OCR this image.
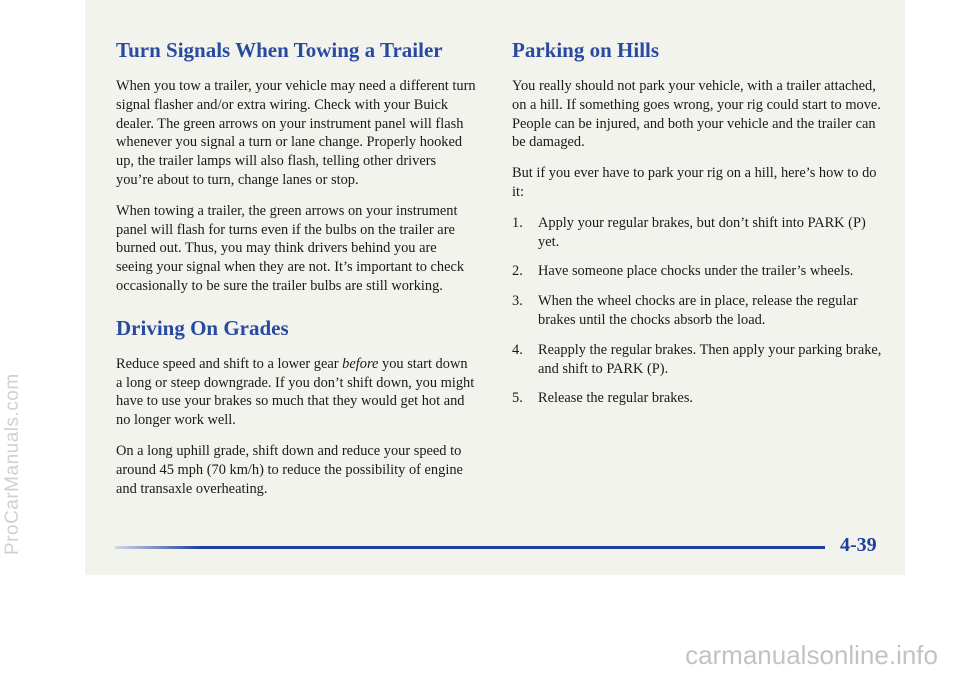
Turn Signals When Towing a Trailer

When you tow a trailer, your vehicle may need a different turn signal flasher and/or extra wiring. Check with your Buick dealer. The green arrows on your instrument panel will flash whenever you signal a turn or lane change. Properly hooked up, the trailer lamps will also flash, telling other drivers you’re about to turn, change lanes or stop.

When towing a trailer, the green arrows on your instrument panel will flash for turns even if the bulbs on the trailer are burned out. Thus, you may think drivers behind you are seeing your signal when they are not. It’s important to check occasionally to be sure the trailer bulbs are still working.

Driving On Grades

Reduce speed and shift to a lower gear before you start down a long or steep downgrade. If you don’t shift down, you might have to use your brakes so much that they would get hot and no longer work well.

On a long uphill grade, shift down and reduce your speed to around 45 mph (70 km/h) to reduce the possibility of engine and transaxle overheating.

Parking on Hills

You really should not park your vehicle, with a trailer attached, on a hill. If something goes wrong, your rig could start to move. People can be injured, and both your vehicle and the trailer can be damaged.

But if you ever have to park your rig on a hill, here’s how to do it:

1. Apply your regular brakes, but don’t shift into PARK (P) yet.
2. Have someone place chocks under the trailer’s wheels.
3. When the wheel chocks are in place, release the regular brakes until the chocks absorb the load.
4. Reapply the regular brakes. Then apply your parking brake, and shift to PARK (P).
5. Release the regular brakes.
4-39
ProCarManuals.com
carmanualsonline.info
